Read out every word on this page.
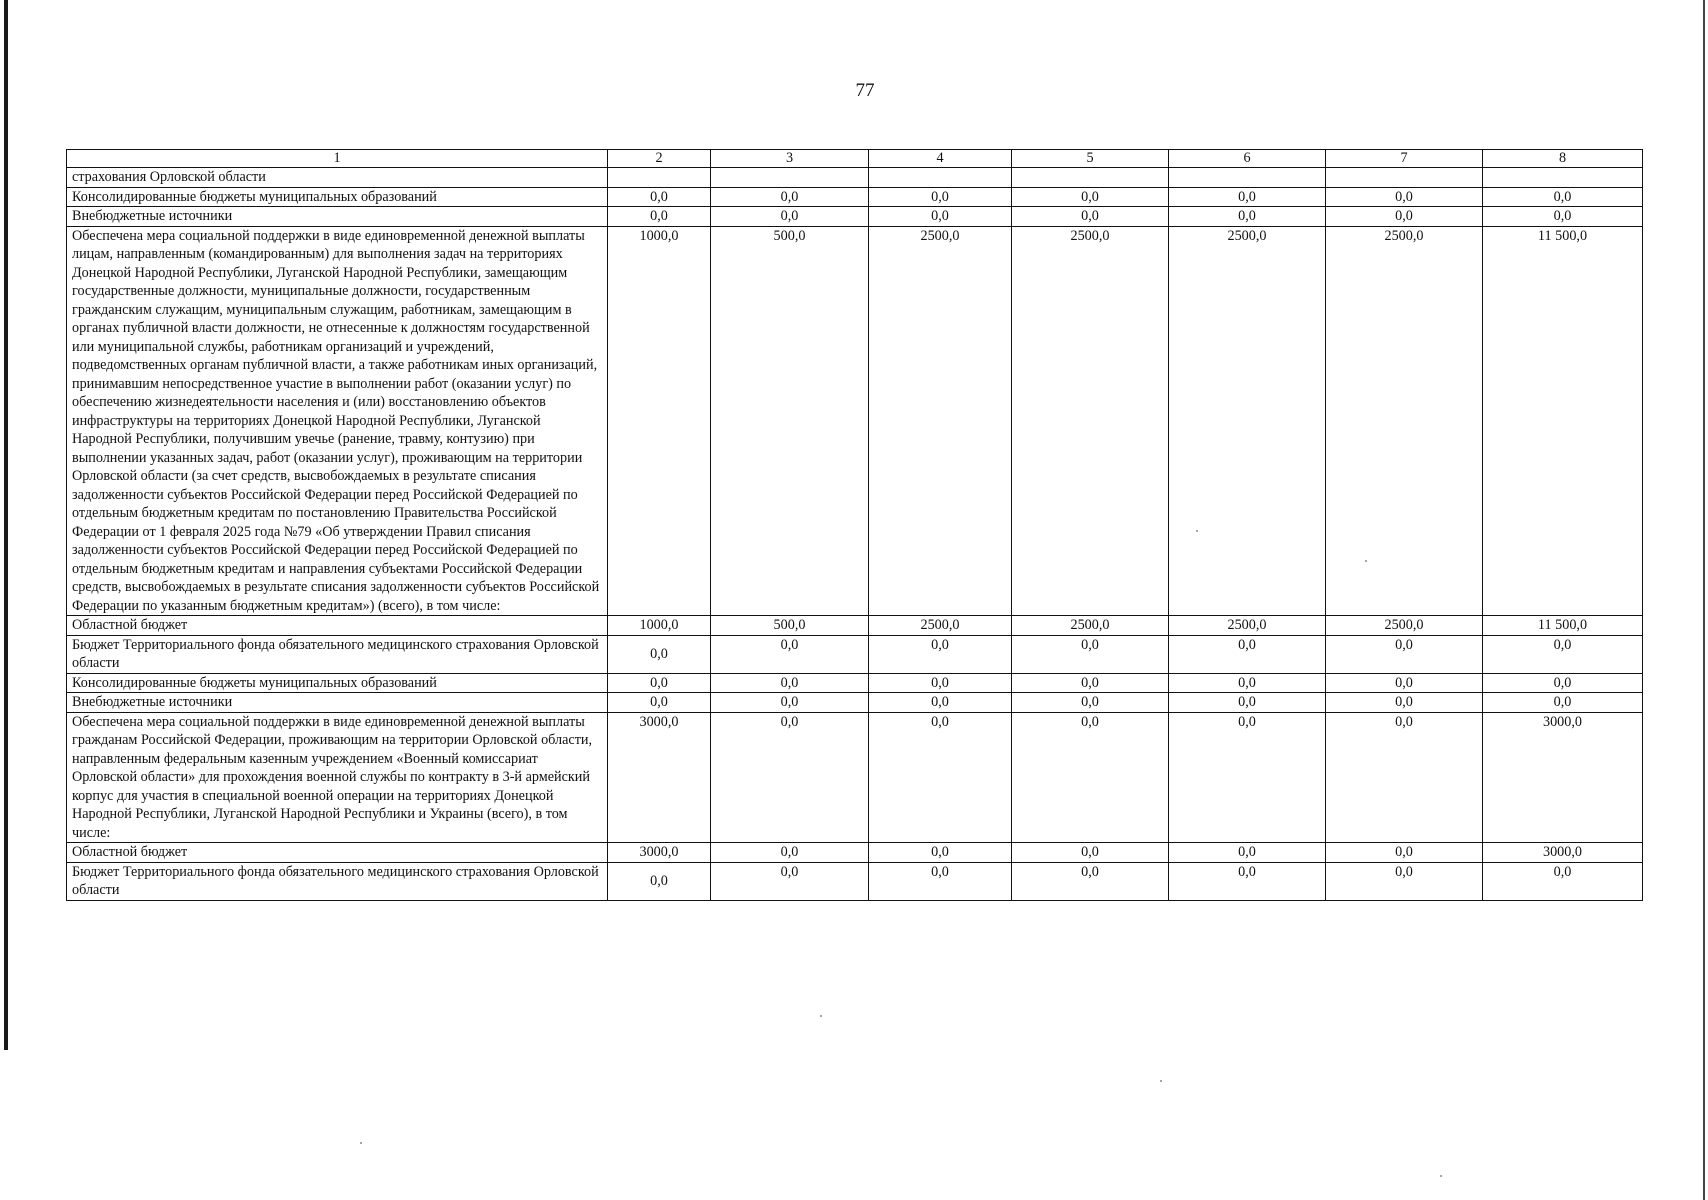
77
1	2	3	4	5	6	7	8
страхования Орловской области							
Консолидированные бюджеты муниципальных образований	0,0	0,0	0,0	0,0	0,0	0,0	0,0
Внебюджетные источники	0,0	0,0	0,0	0,0	0,0	0,0	0,0
Обеспечена мера социальной поддержки в виде единовременной денежной выплаты лицам, направленным (командированным) для выполнения задач на территориях Донецкой Народной Республики, Луганской Народной Республики, замещающим государственные должности, муниципальные должности, государственным гражданским служащим, муниципальным служащим, работникам, замещающим в органах публичной власти должности, не отнесенные к должностям государственной или муниципальной службы, работникам организаций и учреждений, подведомственных органам публичной власти, а также работникам иных организаций, принимавшим непосредственное участие в выполнении работ (оказании услуг) по обеспечению жизнедеятельности населения и (или) восстановлению объектов инфраструктуры на территориях Донецкой Народной Республики, Луганской Народной Республики, получившим увечье (ранение, травму, контузию) при выполнении указанных задач, работ (оказании услуг), проживающим на территории Орловской области (за счет средств, высвобождаемых в результате списания задолженности субъектов Российской Федерации перед Российской Федерацией по отдельным бюджетным кредитам по постановлению Правительства Российской Федерации от 1 февраля 2025 года №79 «Об утверждении Правил списания задолженности субъектов Российской Федерации перед Российской Федерацией по отдельным бюджетным кредитам и направления субъектами Российской Федерации средств, высвобождаемых в результате списания задолженности субъектов Российской Федерации по указанным бюджетным кредитам») (всего), в том числе:	1000,0	500,0	2500,0	2500,0	2500,0	2500,0	11 500,0
Областной бюджет	1000,0	500,0	2500,0	2500,0	2500,0	2500,0	11 500,0
Бюджет Территориального фонда обязательного медицинского страхования Орловской области	0,0	0,0	0,0	0,0	0,0	0,0	0,0
Консолидированные бюджеты муниципальных образований	0,0	0,0	0,0	0,0	0,0	0,0	0,0
Внебюджетные источники	0,0	0,0	0,0	0,0	0,0	0,0	0,0
Обеспечена мера социальной поддержки в виде единовременной денежной выплаты гражданам Российской Федерации, проживающим на территории Орловской области, направленным федеральным казенным учреждением «Военный комиссариат Орловской области» для прохождения военной службы по контракту в 3-й армейский корпус для участия в специальной военной операции на территориях Донецкой Народной Республики, Луганской Народной Республики и Украины (всего), в том числе:	3000,0	0,0	0,0	0,0	0,0	0,0	3000,0
Областной бюджет	3000,0	0,0	0,0	0,0	0,0	0,0	3000,0
Бюджет Территориального фонда обязательного медицинского страхования Орловской области	0,0	0,0	0,0	0,0	0,0	0,0	0,0
